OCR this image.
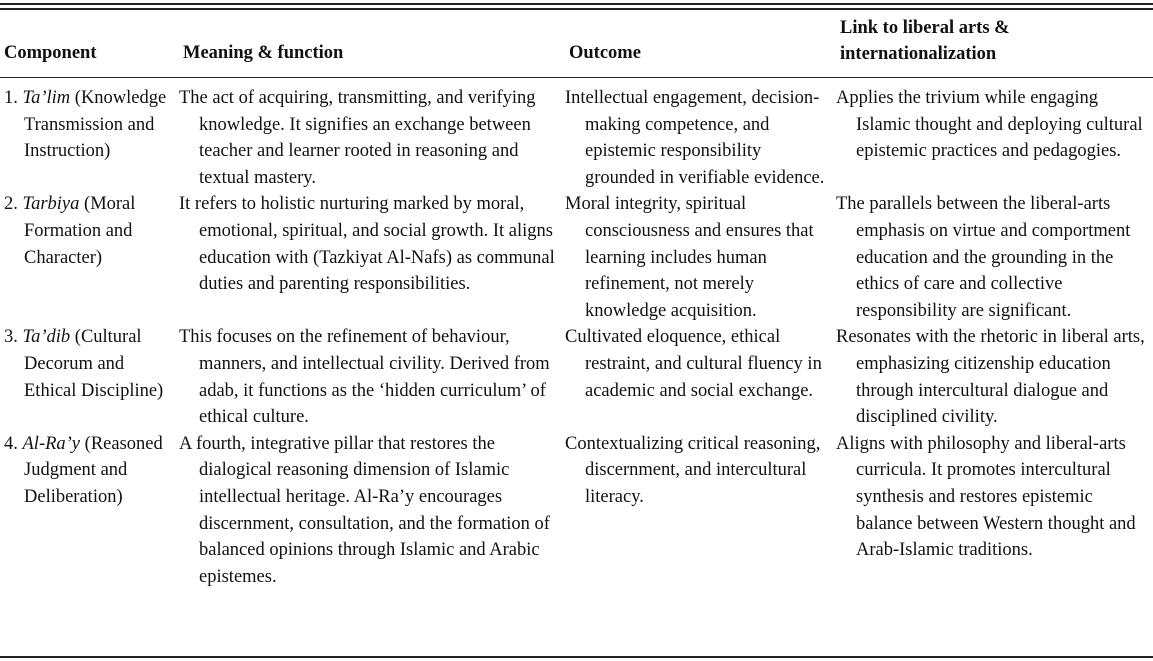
Component	Meaning & function	Outcome	Link to liberal arts & internationalization
1. Ta’lim (Knowledge Transmission and Instruction)	The act of acquiring, transmitting, and verifying knowledge. It signifies an exchange between teacher and learner rooted in reasoning and textual mastery.	Intellectual engagement, decision-making competence, and epistemic responsibility grounded in verifiable evidence.	Applies the trivium while engaging Islamic thought and deploying cultural epistemic practices and pedagogies.
2. Tarbiya (Moral Formation and Character)	It refers to holistic nurturing marked by moral, emotional, spiritual, and social growth. It aligns education with (Tazkiyat Al-Nafs) as communal duties and parenting responsibilities.	Moral integrity, spiritual consciousness and ensures that learning includes human refinement, not merely knowledge acquisition.	The parallels between the liberal-arts emphasis on virtue and comportment education and the grounding in the ethics of care and collective responsibility are significant.
3. Ta’dib (Cultural Decorum and Ethical Discipline)	This focuses on the refinement of behaviour, manners, and intellectual civility. Derived from adab, it functions as the ‘hidden curriculum’ of ethical culture.	Cultivated eloquence, ethical restraint, and cultural fluency in academic and social exchange.	Resonates with the rhetoric in liberal arts, emphasizing citizenship education through intercultural dialogue and disciplined civility.
4. Al-Ra’y (Reasoned Judgment and Deliberation)	A fourth, integrative pillar that restores the dialogical reasoning dimension of Islamic intellectual heritage. Al-Ra’y encourages discernment, consultation, and the formation of balanced opinions through Islamic and Arabic epistemes.	Contextualizing critical reasoning, discernment, and intercultural literacy.	Aligns with philosophy and liberal-arts curricula. It promotes intercultural synthesis and restores epistemic balance between Western thought and Arab-Islamic traditions.
